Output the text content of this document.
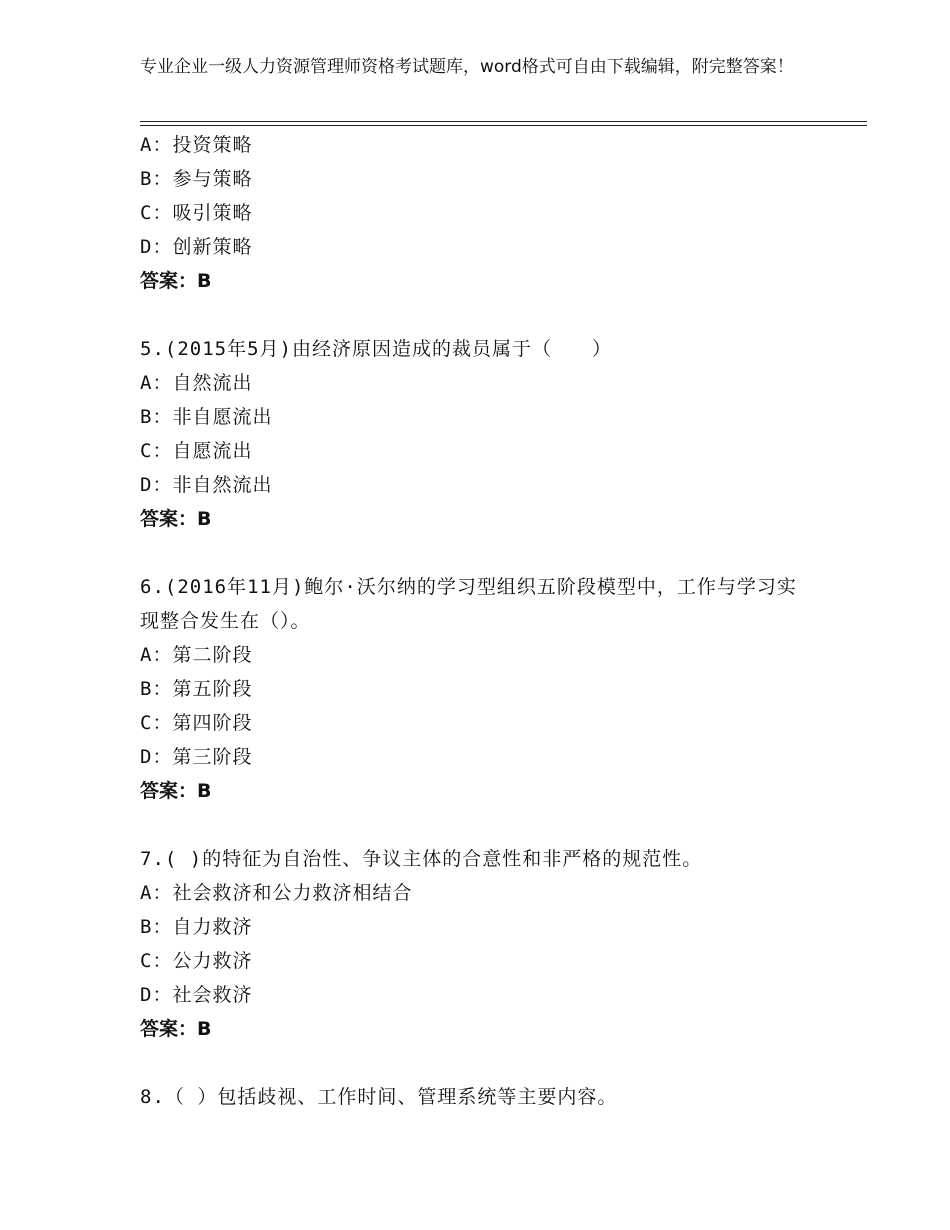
专业企业一级人力资源管理师资格考试题库，word格式可自由下载编辑，附完整答案！
A：投资策略
B：参与策略
C：吸引策略
D：创新策略
答案：B
5.(2015年5月)由经济原因造成的裁员属于（　　）
A：自然流出
B：非自愿流出
C：自愿流出
D：非自然流出
答案：B
6.(2016年11月)鲍尔·沃尔纳的学习型组织五阶段模型中，工作与学习实现整合发生在（）。
A：第二阶段
B：第五阶段
C：第四阶段
D：第三阶段
答案：B
7.( )的特征为自治性、争议主体的合意性和非严格的规范性。
A：社会救济和公力救济相结合
B：自力救济
C：公力救济
D：社会救济
答案：B
8.（ ）包括歧视、工作时间、管理系统等主要内容。
